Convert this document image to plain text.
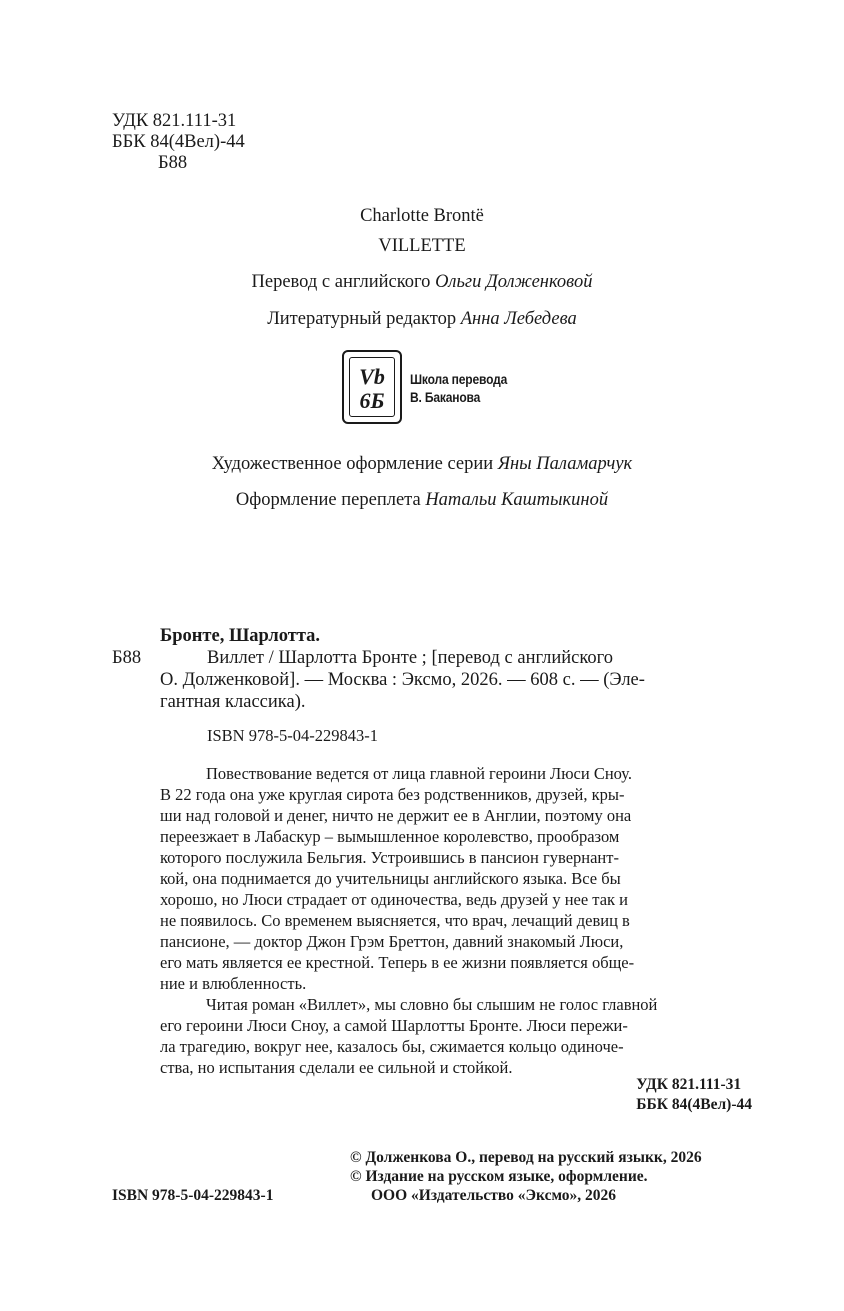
УДК 821.111-31
ББК 84(4Вел)-44
Б88
Charlotte Brontë
VILLETTE
Перевод с английского Ольги Долженковой
Литературный редактор Анна Лебедева
Vb
6Б
Школа перевода
В. Баканова
Художественное оформление серии Яны Паламарчук
Оформление переплета Натальи Каштыкиной
Бронте, Шарлотта.
Б88	Виллет / Шарлотта Бронте ; [перевод с английского
О. Долженковой]. — Москва : Эксмо, 2026. — 608 с. — (Эле-
гантная классика).
ISBN 978-5-04-229843-1
Повествование ведется от лица главной героини Люси Сноу.
В 22 года она уже круглая сирота без родственников, друзей, кры-
ши над головой и денег, ничто не держит ее в Англии, поэтому она
переезжает в Лабаскур – вымышленное королевство, прообразом
которого послужила Бельгия. Устроившись в пансион гувернант-
кой, она поднимается до учительницы английского языка. Все бы
хорошо, но Люси страдает от одиночества, ведь друзей у нее так и
не появилось. Со временем выясняется, что врач, лечащий девиц в
пансионе, — доктор Джон Грэм Бреттон, давний знакомый Люси,
его мать является ее крестной. Теперь в ее жизни появляется обще-
ние и влюбленность.
Читая роман «Виллет», мы словно бы слышим не голос главной
его героини Люси Сноу, а самой Шарлотты Бронте. Люси пережи-
ла трагедию, вокруг нее, казалось бы, сжимается кольцо одиноче-
ства, но испытания сделали ее сильной и стойкой.
УДК 821.111-31
ББК 84(4Вел)-44
© Долженкова О., перевод на русский языкк, 2026
© Издание на русском языке, оформление.
ООО «Издательство «Эксмо», 2026
ISBN 978-5-04-229843-1
